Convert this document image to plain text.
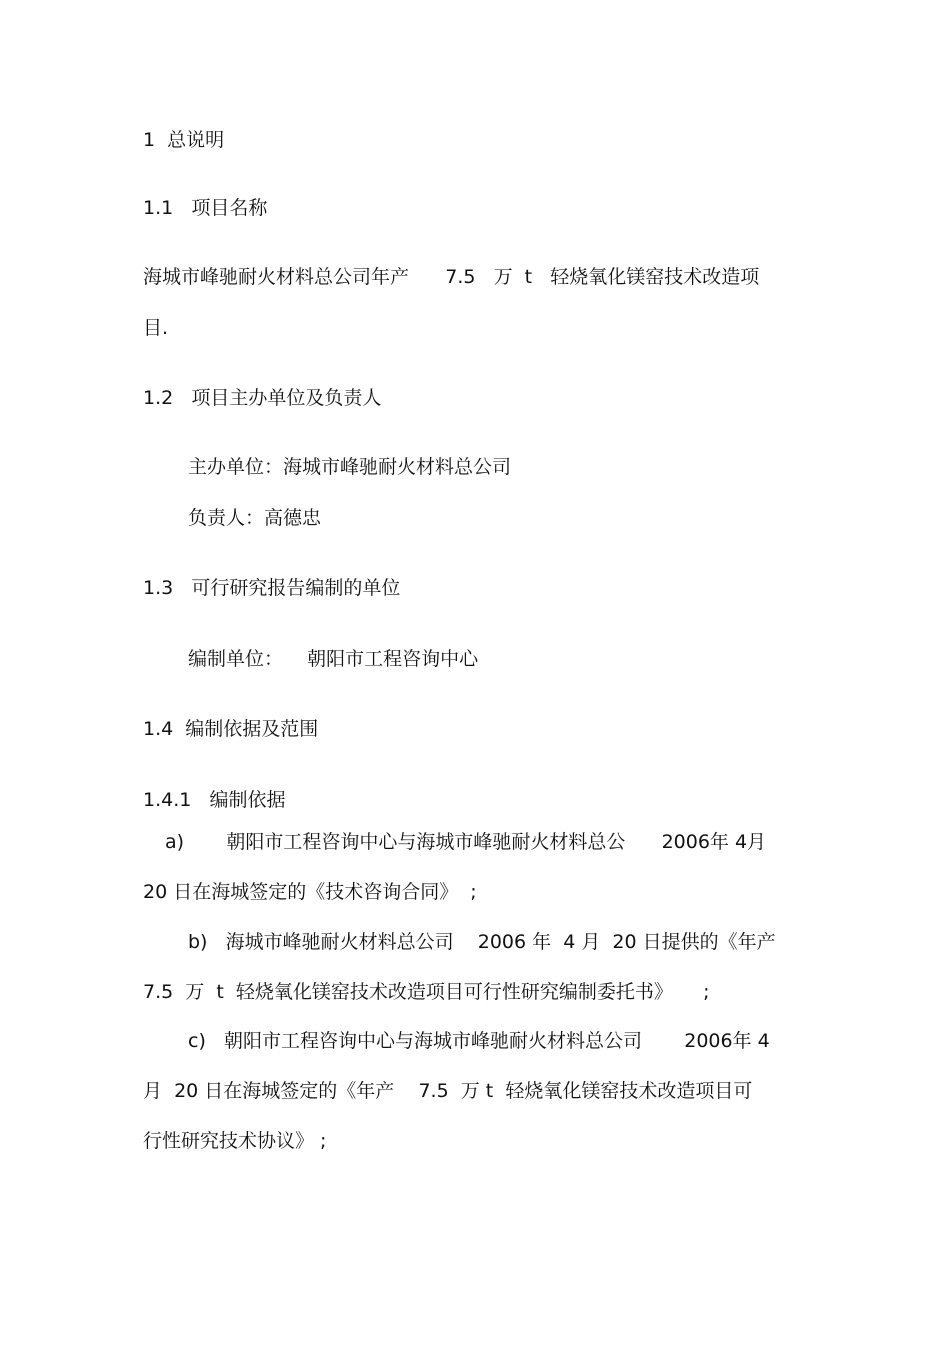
1  总说明
1.1   项目名称
海城市峰驰耐火材料总公司年产      7.5   万  t   轻烧氧化镁窑技术改造项
目.
1.2   项目主办单位及负责人
主办单位：海城市峰驰耐火材料总公司
负责人：高德忠
1.3   可行研究报告编制的单位
编制单位：    朝阳市工程咨询中心
1.4  编制依据及范围
1.4.1   编制依据
a)       朝阳市工程咨询中心与海城市峰驰耐火材料总公      2006年 4月
20 日在海城签定的《技术咨询合同》  ;
b)   海城市峰驰耐火材料总公司    2006 年  4 月  20 日提供的《年产
7.5  万  t  轻烧氧化镁窑技术改造项目可行性研究编制委托书》     ;
c)   朝阳市工程咨询中心与海城市峰驰耐火材料总公司       2006年 4
月  20 日在海城签定的《年产    7.5  万 t  轻烧氧化镁窑技术改造项目可
行性研究技术协议》 ;
